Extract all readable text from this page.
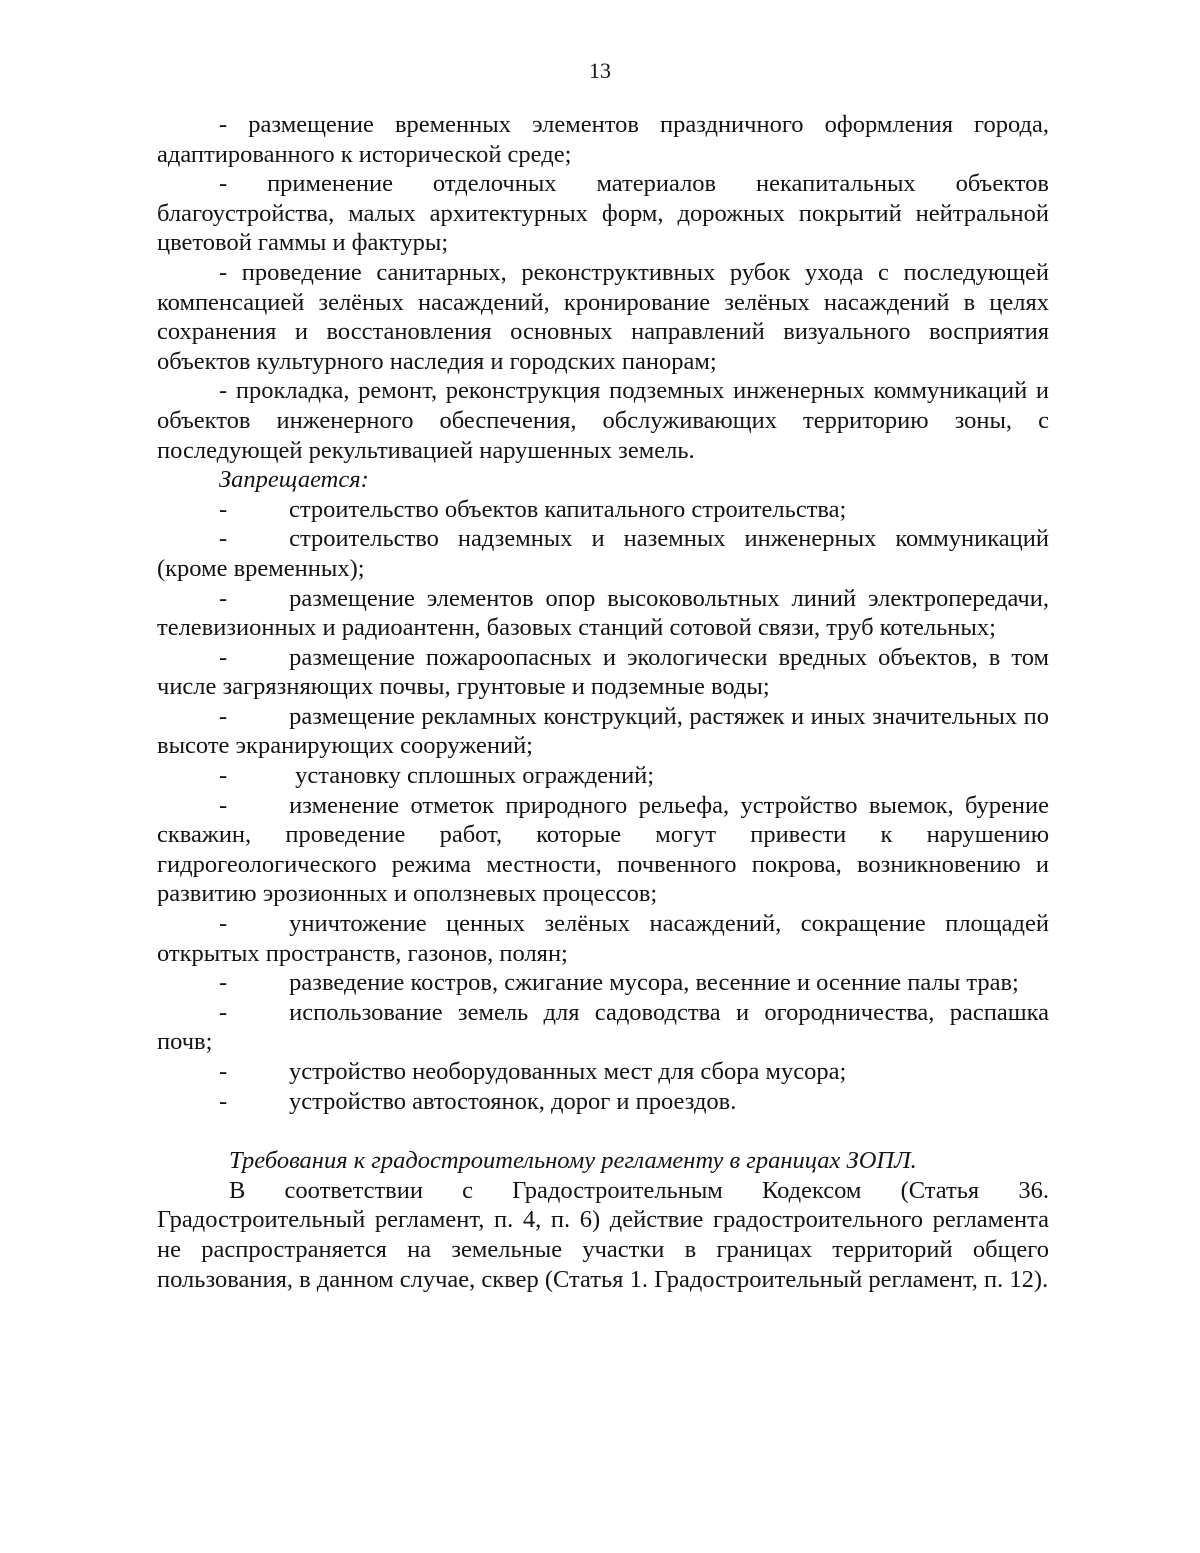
13
- размещение временных элементов праздничного оформления города, адаптированного к исторической среде;
- применение отделочных материалов некапитальных объектов благоустройства, малых архитектурных форм, дорожных покрытий нейтральной цветовой гаммы и фактуры;
- проведение санитарных, реконструктивных рубок ухода с последующей компенсацией зелёных насаждений, кронирование зелёных насаждений в целях сохранения и восстановления основных направлений визуального восприятия объектов культурного наследия и городских панорам;
- прокладка, ремонт, реконструкция подземных инженерных коммуникаций и объектов инженерного обеспечения, обслуживающих территорию зоны, с последующей рекультивацией нарушенных земель.
Запрещается:
-	строительство объектов капитального строительства;
-	строительство надземных и наземных инженерных коммуникаций (кроме временных);
-	размещение элементов опор высоковольтных линий электропередачи, телевизионных и радиоантенн, базовых станций сотовой связи, труб котельных;
-	размещение пожароопасных и экологически вредных объектов, в том числе загрязняющих почвы, грунтовые и подземные воды;
-	размещение рекламных конструкций, растяжек и иных значительных по высоте экранирующих сооружений;
-	установку сплошных ограждений;
-	изменение отметок природного рельефа, устройство выемок, бурение скважин, проведение работ, которые могут привести к нарушению гидрогеологического режима местности, почвенного покрова, возникновению и развитию эрозионных и оползневых процессов;
-	уничтожение ценных зелёных насаждений, сокращение площадей открытых пространств, газонов, полян;
-	разведение костров, сжигание мусора, весенние и осенние палы трав;
-	использование земель для садоводства и огородничества, распашка почв;
-	устройство необорудованных мест для сбора мусора;
-	устройство автостоянок, дорог и проездов.
Требования к градостроительному регламенту в границах ЗОПЛ.
В соответствии с Градостроительным Кодексом (Статья 36. Градостроительный регламент, п. 4, п. 6) действие градостроительного регламента не распространяется на земельные участки в границах территорий общего пользования, в данном случае, сквер (Статья 1. Градостроительный регламент, п. 12).
